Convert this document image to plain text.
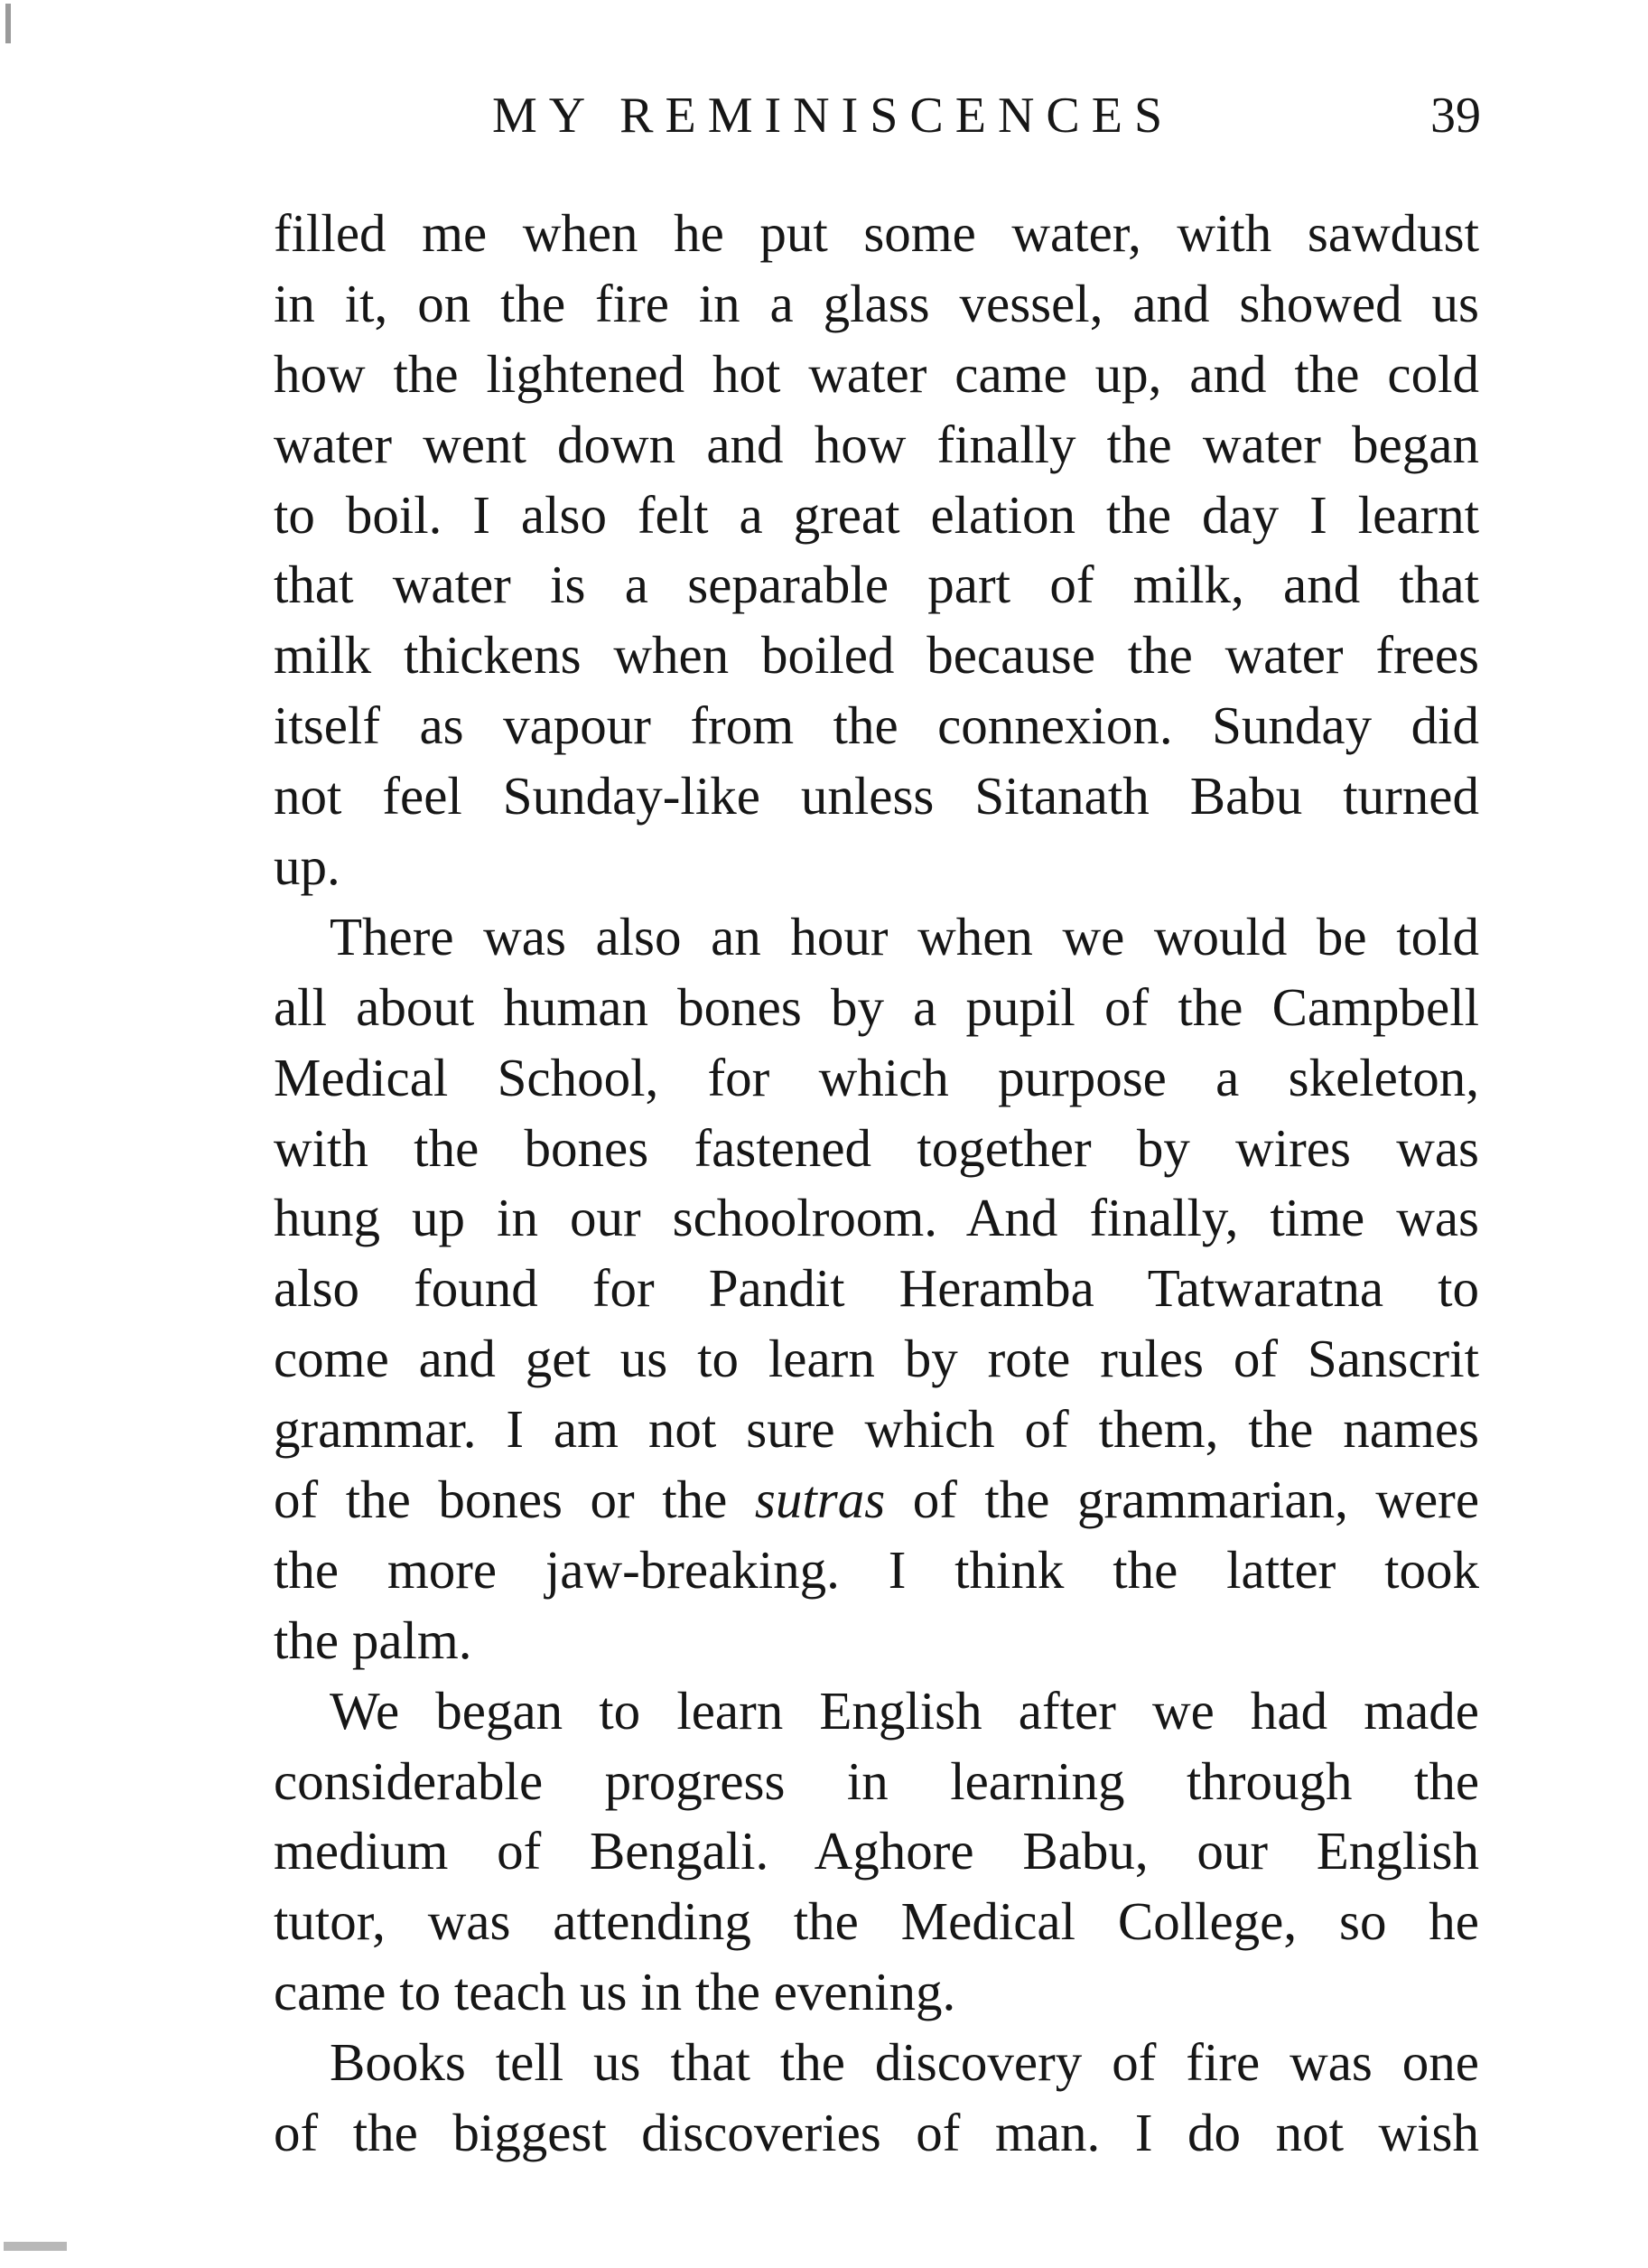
MY REMINISCENCES	39
filled me when he put some water, with sawdust
in it, on the fire in a glass vessel, and showed us
how the lightened hot water came up, and the cold
water went down and how finally the water began
to boil. I also felt a great elation the day I learnt
that water is a separable part of milk, and that
milk thickens when boiled because the water frees
itself as vapour from the connexion. Sunday did
not feel Sunday-like unless Sitanath Babu turned
up.
There was also an hour when we would be told
all about human bones by a pupil of the Campbell
Medical School, for which purpose a skeleton,
with the bones fastened together by wires was
hung up in our schoolroom. And finally, time was
also found for Pandit Heramba Tatwaratna to
come and get us to learn by rote rules of Sanscrit
grammar. I am not sure which of them, the names
of the bones or the sutras of the grammarian, were
the more jaw-breaking. I think the latter took
the palm.
We began to learn English after we had made
considerable progress in learning through the
medium of Bengali. Aghore Babu, our English
tutor, was attending the Medical College, so he
came to teach us in the evening.
Books tell us that the discovery of fire was one
of the biggest discoveries of man. I do not wish
